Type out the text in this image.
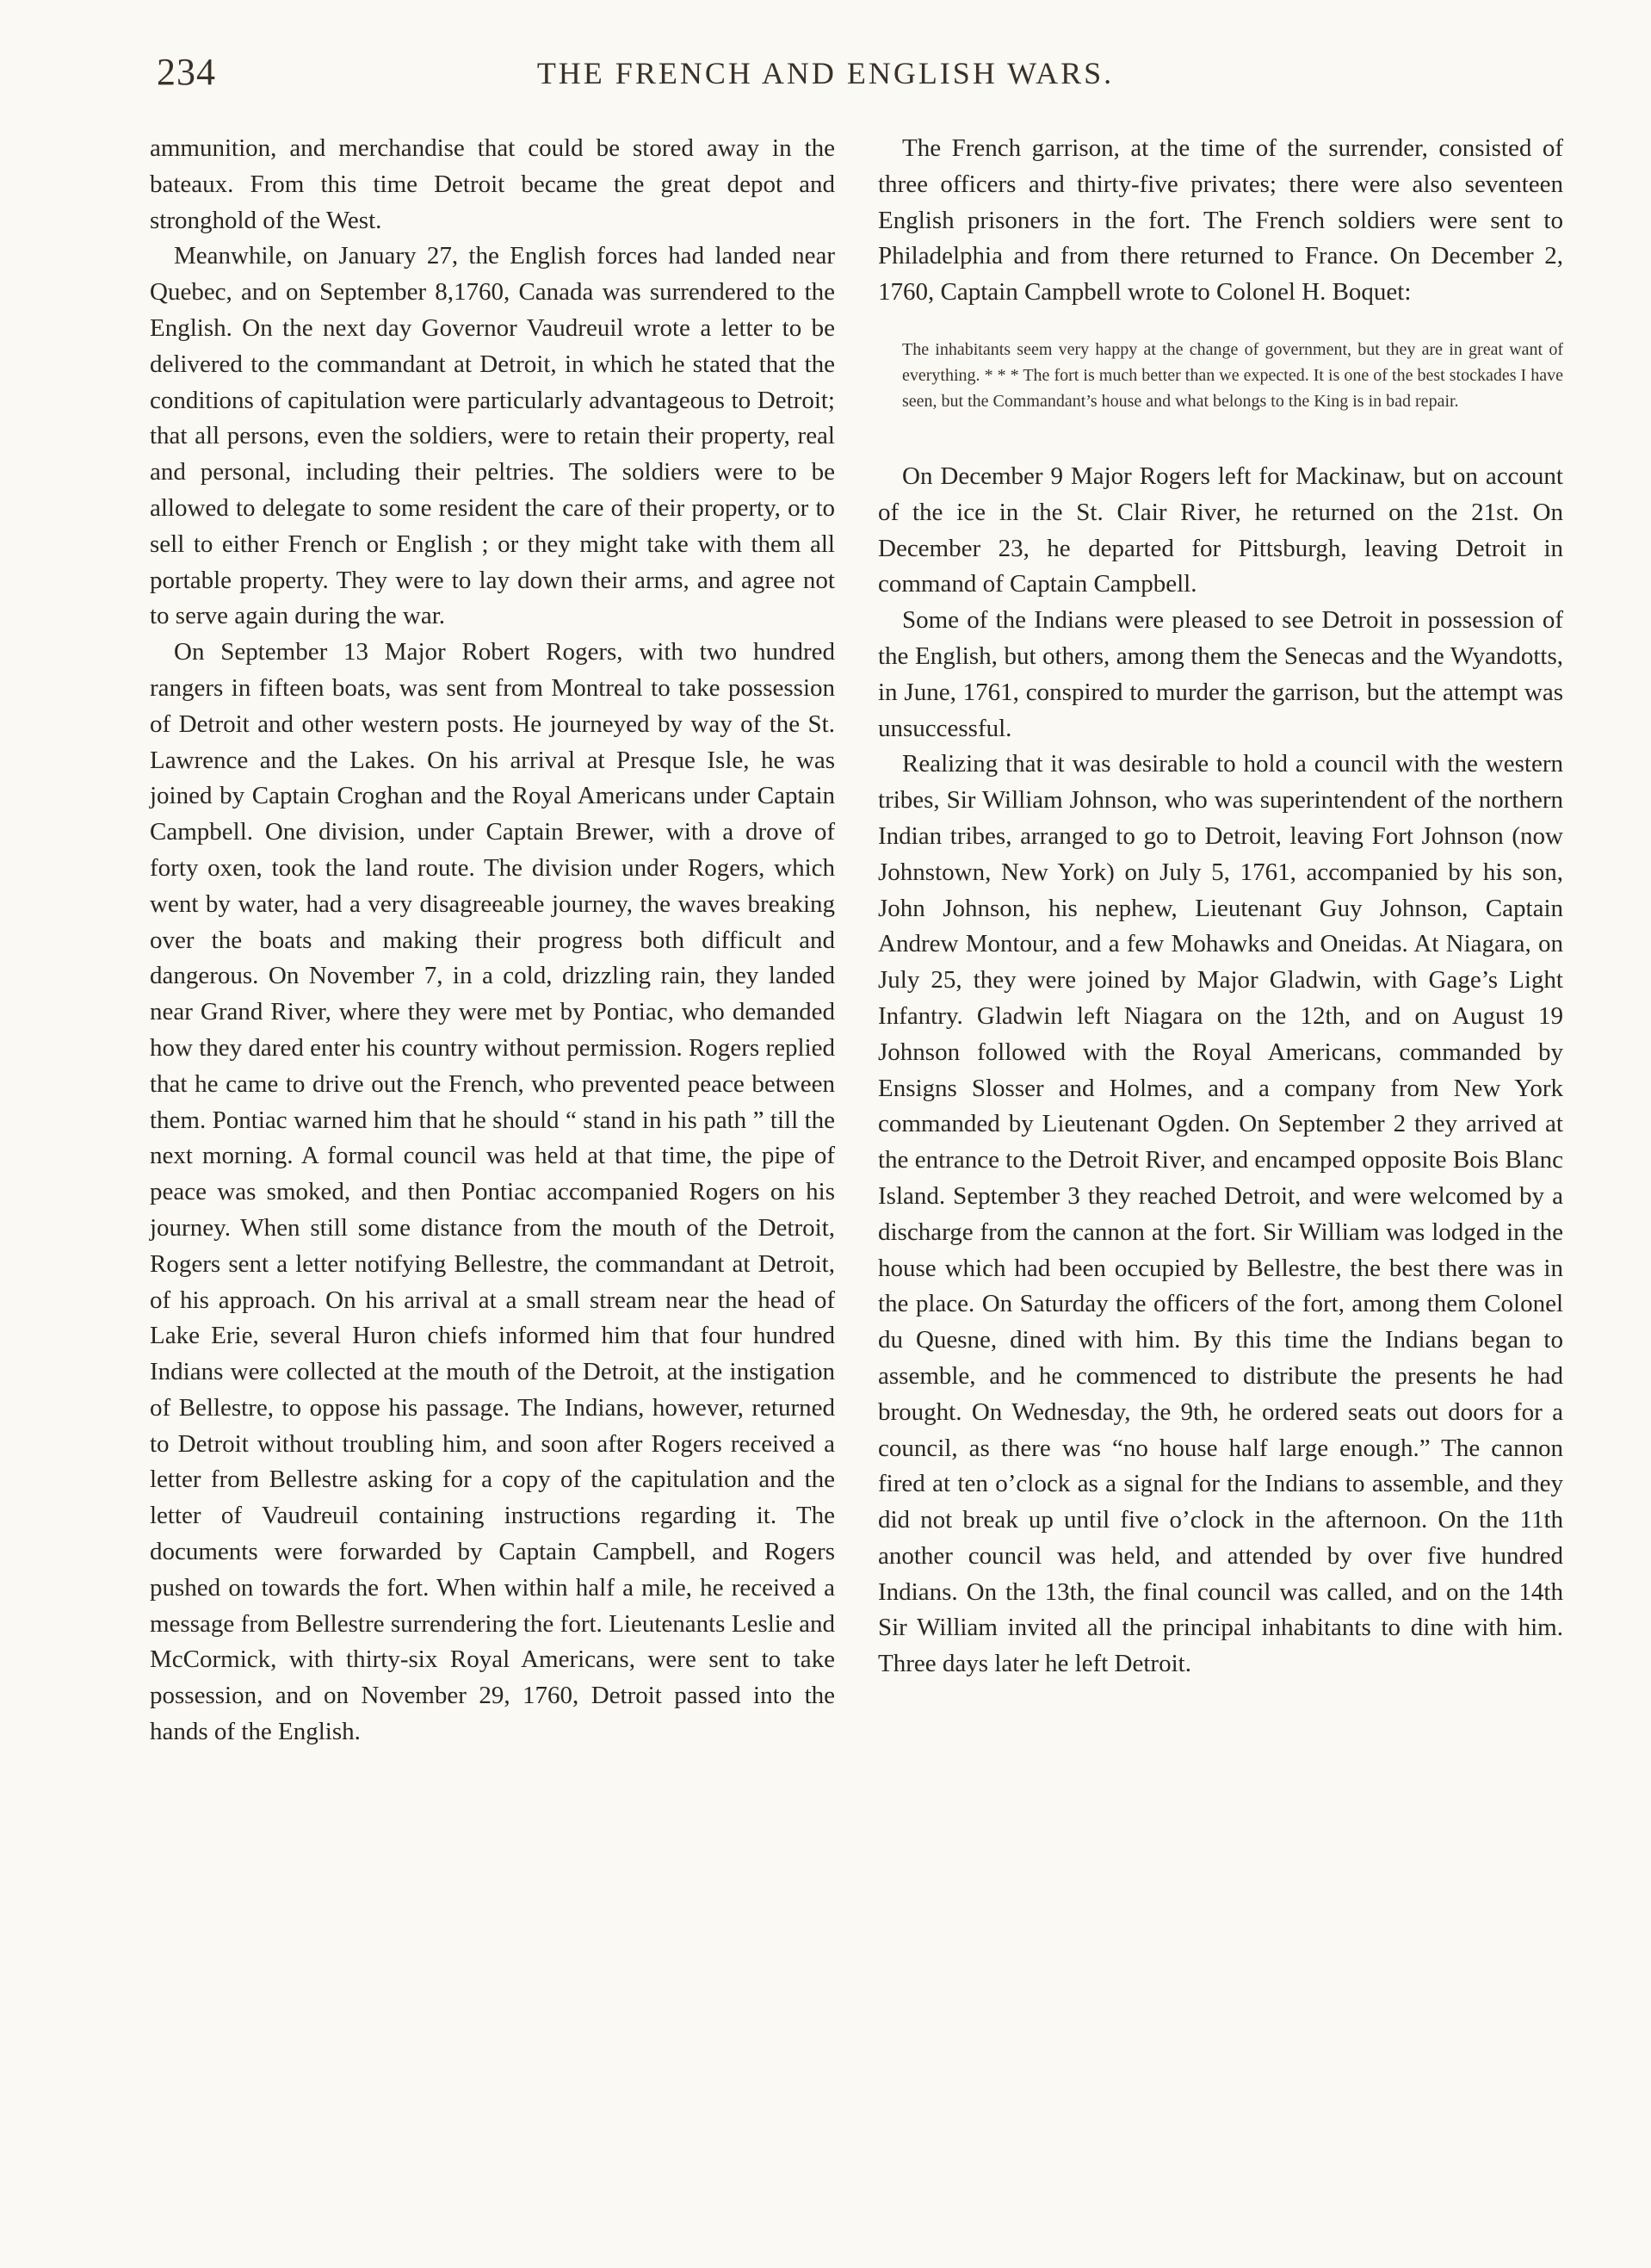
234	THE FRENCH AND ENGLISH WARS.

ammunition, and merchandise that could be stored away in the bateaux. From this time Detroit became the great depot and stronghold of the West.

Meanwhile, on January 27, the English forces had landed near Quebec, and on September 8,1760, Canada was surrendered to the English. On the next day Governor Vaudreuil wrote a letter to be delivered to the commandant at Detroit, in which he stated that the conditions of capitulation were particularly advantageous to Detroit; that all persons, even the soldiers, were to retain their property, real and personal, including their peltries. The soldiers were to be allowed to delegate to some resident the care of their property, or to sell to either French or English ; or they might take with them all portable property. They were to lay down their arms, and agree not to serve again during the war.

On September 13 Major Robert Rogers, with two hundred rangers in fifteen boats, was sent from Montreal to take possession of Detroit and other western posts. He journeyed by way of the St. Lawrence and the Lakes. On his arrival at Presque Isle, he was joined by Captain Croghan and the Royal Americans under Captain Campbell. One division, under Captain Brewer, with a drove of forty oxen, took the land route. The division under Rogers, which went by water, had a very disagreeable journey, the waves breaking over the boats and making their progress both difficult and dangerous. On November 7, in a cold, drizzling rain, they landed near Grand River, where they were met by Pontiac, who demanded how they dared enter his country without permission. Rogers replied that he came to drive out the French, who prevented peace between them. Pontiac warned him that he should “ stand in his path ” till the next morning. A formal council was held at that time, the pipe of peace was smoked, and then Pontiac accompanied Rogers on his journey. When still some distance from the mouth of the Detroit, Rogers sent a letter notifying Bellestre, the commandant at Detroit, of his approach. On his arrival at a small stream near the head of Lake Erie, several Huron chiefs informed him that four hundred Indians were collected at the mouth of the Detroit, at the instigation of Bellestre, to oppose his passage. The Indians, however, returned to Detroit without troubling him, and soon after Rogers received a letter from Bellestre asking for a copy of the capitulation and the letter of Vaudreuil containing instructions regarding it. The documents were forwarded by Captain Campbell, and Rogers pushed on towards the fort. When within half a mile, he received a message from Bellestre surrendering the fort. Lieutenants Leslie and McCormick, with thirty-six Royal Americans, were sent to take possession, and on November 29, 1760, Detroit passed into the hands of the English.

The French garrison, at the time of the surrender, consisted of three officers and thirty-five privates; there were also seventeen English prisoners in the fort. The French soldiers were sent to Philadelphia and from there returned to France. On December 2, 1760, Captain Campbell wrote to Colonel H. Boquet:

The inhabitants seem very happy at the change of government, but they are in great want of everything. * * * The fort is much better than we expected. It is one of the best stockades I have seen, but the Commandant’s house and what belongs to the King is in bad repair.

On December 9 Major Rogers left for Mackinaw, but on account of the ice in the St. Clair River, he returned on the 21st. On December 23, he departed for Pittsburgh, leaving Detroit in command of Captain Campbell.

Some of the Indians were pleased to see Detroit in possession of the English, but others, among them the Senecas and the Wyandotts, in June, 1761, conspired to murder the garrison, but the attempt was unsuccessful.

Realizing that it was desirable to hold a council with the western tribes, Sir William Johnson, who was superintendent of the northern Indian tribes, arranged to go to Detroit, leaving Fort Johnson (now Johnstown, New York) on July 5, 1761, accompanied by his son, John Johnson, his nephew, Lieutenant Guy Johnson, Captain Andrew Montour, and a few Mohawks and Oneidas. At Niagara, on July 25, they were joined by Major Gladwin, with Gage’s Light Infantry. Gladwin left Niagara on the 12th, and on August 19 Johnson followed with the Royal Americans, commanded by Ensigns Slosser and Holmes, and a company from New York commanded by Lieutenant Ogden. On September 2 they arrived at the entrance to the Detroit River, and encamped opposite Bois Blanc Island. September 3 they reached Detroit, and were welcomed by a discharge from the cannon at the fort. Sir William was lodged in the house which had been occupied by Bellestre, the best there was in the place. On Saturday the officers of the fort, among them Colonel du Quesne, dined with him. By this time the Indians began to assemble, and he commenced to distribute the presents he had brought. On Wednesday, the 9th, he ordered seats out doors for a council, as there was “no house half large enough.” The cannon fired at ten o’clock as a signal for the Indians to assemble, and they did not break up until five o’clock in the afternoon. On the 11th another council was held, and attended by over five hundred Indians. On the 13th, the final council was called, and on the 14th Sir William invited all the principal inhabitants to dine with him. Three days later he left Detroit.
